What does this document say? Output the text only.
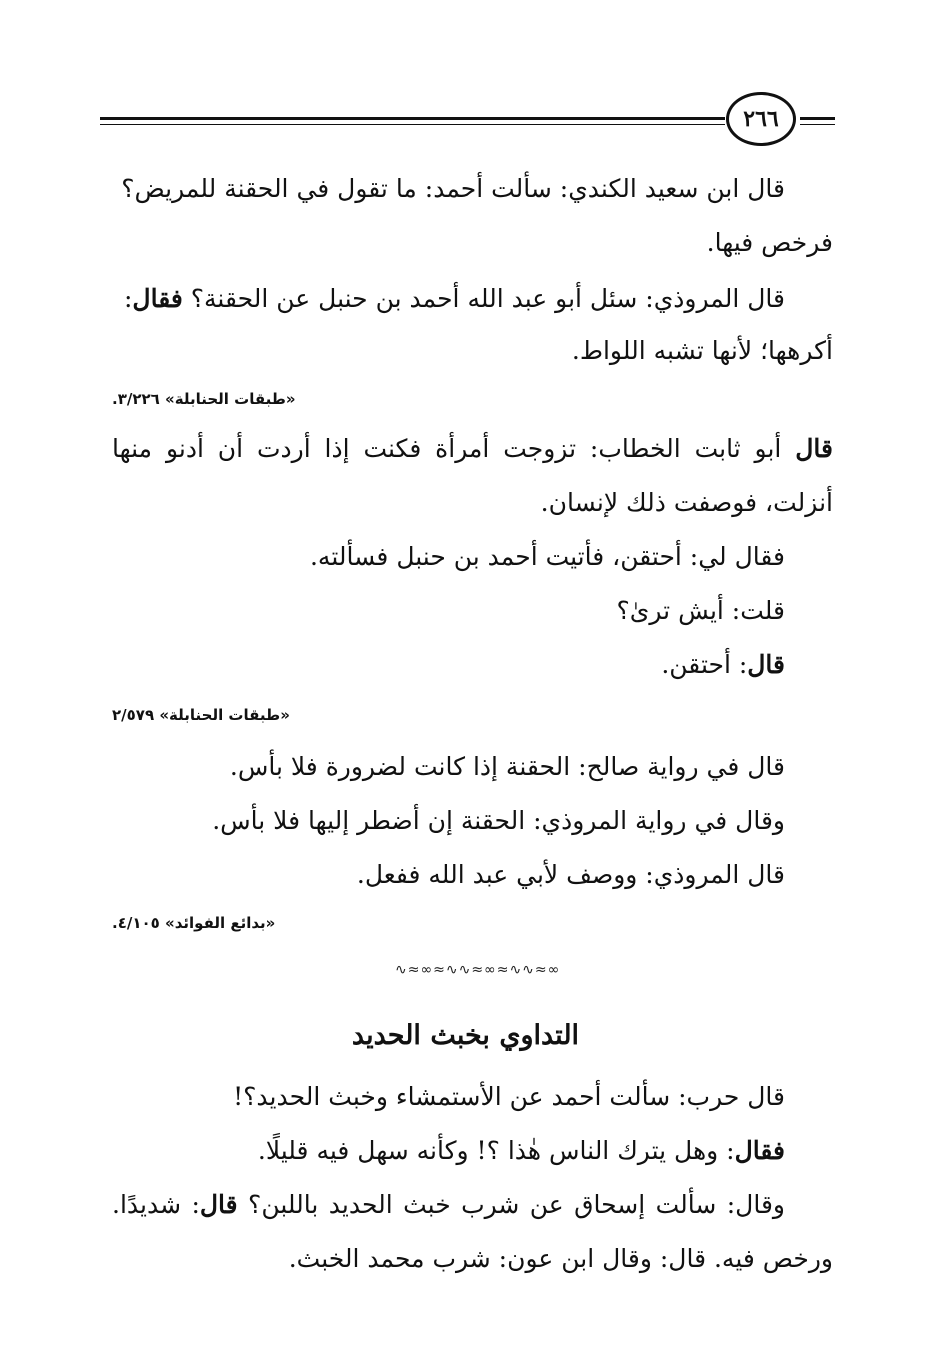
٢٦٦
قال ابن سعيد الكندي: سألت أحمد: ما تقول في الحقنة للمريض؟
فرخص فيها.
قال المروذي: سئل أبو عبد الله أحمد بن حنبل عن الحقنة؟ فقال:
أكرهها؛ لأنها تشبه اللواط.
«طبقات الحنابلة» ٣/٢٢٦.
قال أبو ثابت الخطاب: تزوجت أمرأة فكنت إذا أردت أن أدنو منها
أنزلت، فوصفت ذلك لإنسان.
فقال لي: أحتقن، فأتيت أحمد بن حنبل فسألته.
قلت: أيش ترىٰ؟
قال: أحتقن.
«طبقات الحنابلة» ٢/٥٧٩
قال في رواية صالح: الحقنة إذا كانت لضرورة فلا بأس.
وقال في رواية المروذي: الحقنة إن أضطر إليها فلا بأس.
قال المروذي: ووصف لأبي عبد الله ففعل.
«بدائع الفوائد» ٤/١٠٥.
∿≈∞≈∿∿≈∞≈∿∿≈∞
التداوي بخبث الحديد
قال حرب: سألت أحمد عن الأستمشاء وخبث الحديد؟!
فقال: وهل يترك الناس هٰذا ؟! وكأنه سهل فيه قليلًا.
وقال: سألت إسحاق عن شرب خبث الحديد باللبن؟ قال: شديدًا.
ورخص فيه. قال: وقال ابن عون: شرب محمد الخبث.
